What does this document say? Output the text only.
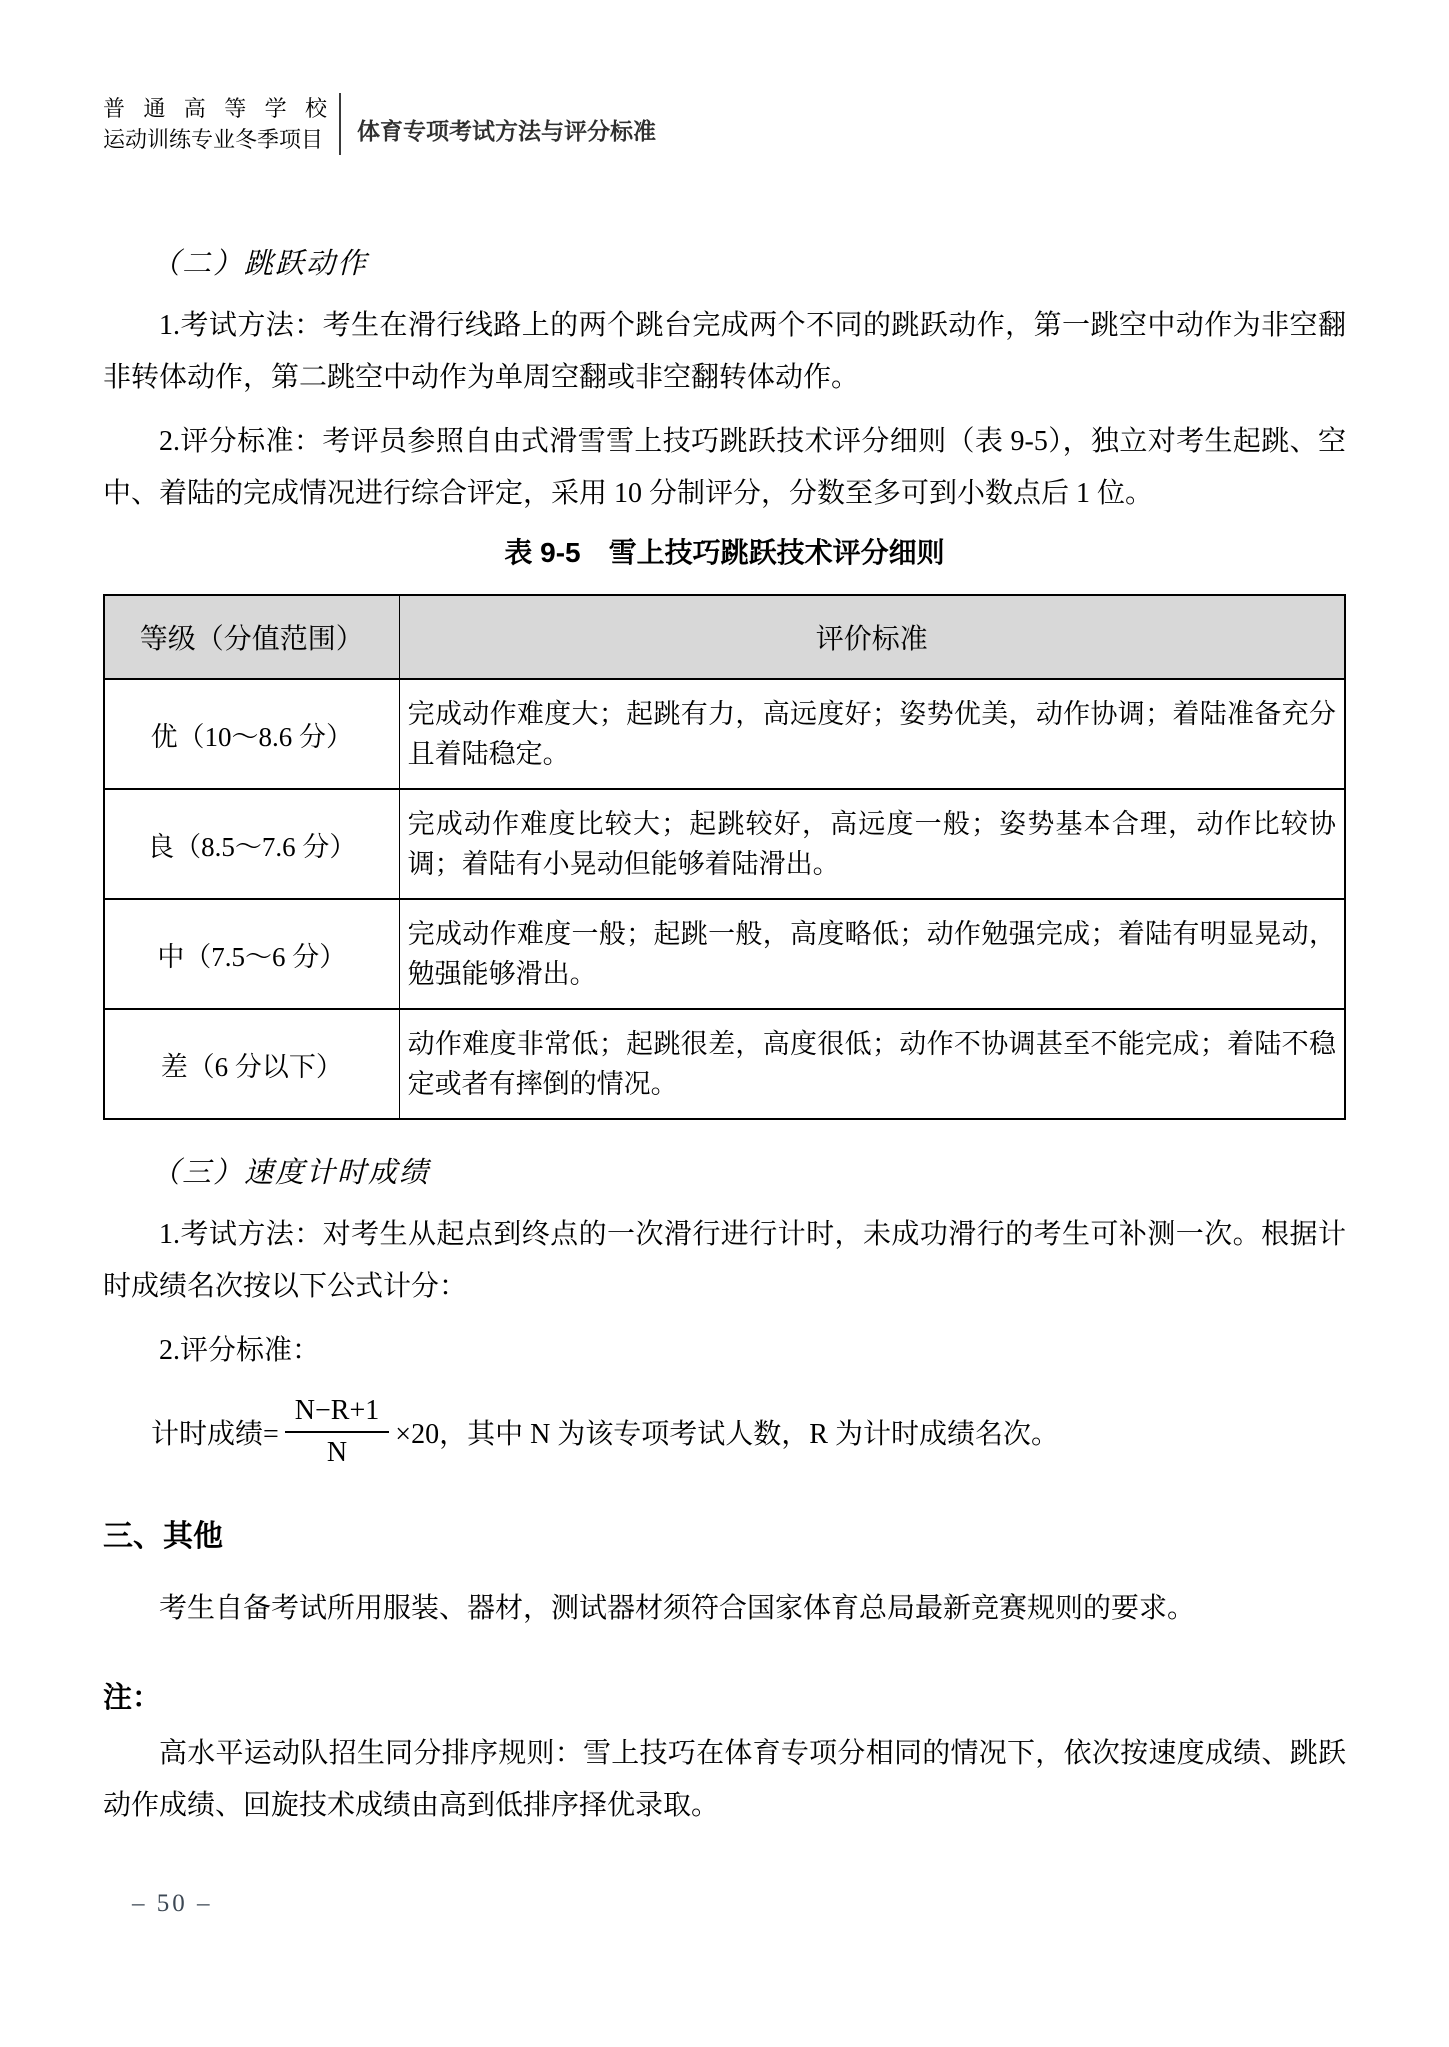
普通高等学校
运动训练专业冬季项目 体育专项考试方法与评分标准
（二）跳跃动作

1.考试方法：考生在滑行线路上的两个跳台完成两个不同的跳跃动作，第一跳空中动作为非空翻非转体动作，第二跳空中动作为单周空翻或非空翻转体动作。

2.评分标准：考评员参照自由式滑雪雪上技巧跳跃技术评分细则（表 9-5），独立对考生起跳、空中、着陆的完成情况进行综合评定，采用 10 分制评分，分数至多可到小数点后 1 位。

表 9-5　雪上技巧跳跃技术评分细则
等级（分值范围）	评价标准
优（10～8.6 分）	完成动作难度大；起跳有力，高远度好；姿势优美，动作协调；着陆准备充分且着陆稳定。
良（8.5～7.6 分）	完成动作难度比较大；起跳较好，高远度一般；姿势基本合理，动作比较协调；着陆有小晃动但能够着陆滑出。
中（7.5～6 分）	完成动作难度一般；起跳一般，高度略低；动作勉强完成；着陆有明显晃动，勉强能够滑出。
差（6 分以下）	动作难度非常低；起跳很差，高度很低；动作不协调甚至不能完成；着陆不稳定或者有摔倒的情况。
（三）速度计时成绩

1.考试方法：对考生从起点到终点的一次滑行进行计时，未成功滑行的考生可补测一次。根据计时成绩名次按以下公式计分：

2.评分标准：

计时成绩= $\frac{N-R+1}{N} \times 20$，其中 N 为该专项考试人数，R 为计时成绩名次。
三、其他

考生自备考试所用服装、器材，测试器材须符合国家体育总局最新竞赛规则的要求。

注：

高水平运动队招生同分排序规则：雪上技巧在体育专项分相同的情况下，依次按速度成绩、跳跃动作成绩、回旋技术成绩由高到低排序择优录取。

– 50 –
